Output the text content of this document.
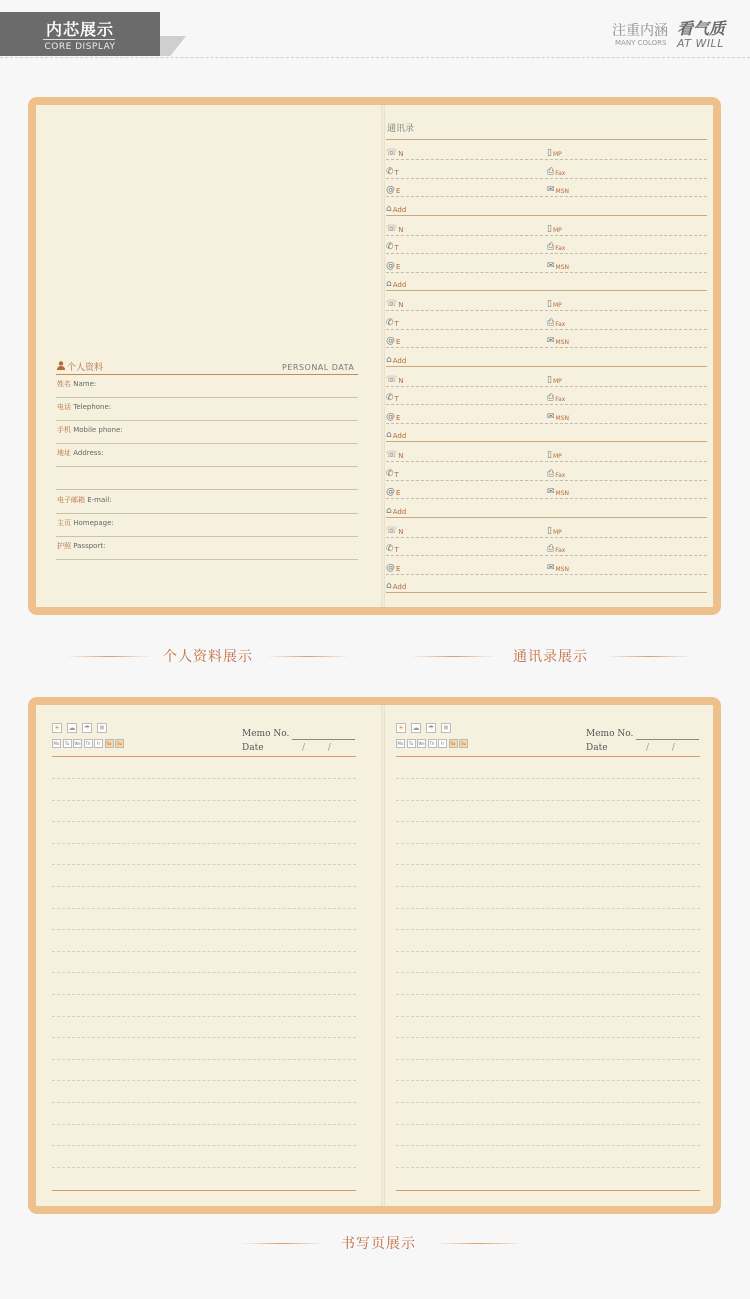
内芯展示
CORE DISPLAY
注重内涵 看气质
MANY COLORS AT WILL
个人资料	PERSONAL DATA
姓名 Name:
电话 Telephone:
手机 Mobile phone:
地址 Address:
电子邮箱 E-mail:
主页 Homepage:
护照 Passport:
通讯录
☏N	▯MP
✆T	⎙Fax
@E	✉MSN
⌂Add
☏N	▯MP
✆T	⎙Fax
@E	✉MSN
⌂Add
☏N	▯MP
✆T	⎙Fax
@E	✉MSN
⌂Add
☏N	▯MP
✆T	⎙Fax
@E	✉MSN
⌂Add
☏N	▯MP
✆T	⎙Fax
@E	✉MSN
⌂Add
☏N	▯MP
✆T	⎙Fax
@E	✉MSN
⌂Add
个人资料展示	通讯录展示
☀ ☁ ☂ ❄
Mo	Tu	We	Th	Fr	Sa	Su
Memo No.
Date	/        /
☀ ☁ ☂ ❄
Mo	Tu	We	Th	Fr	Sa	Su
Memo No.
Date	/        /
书写页展示
